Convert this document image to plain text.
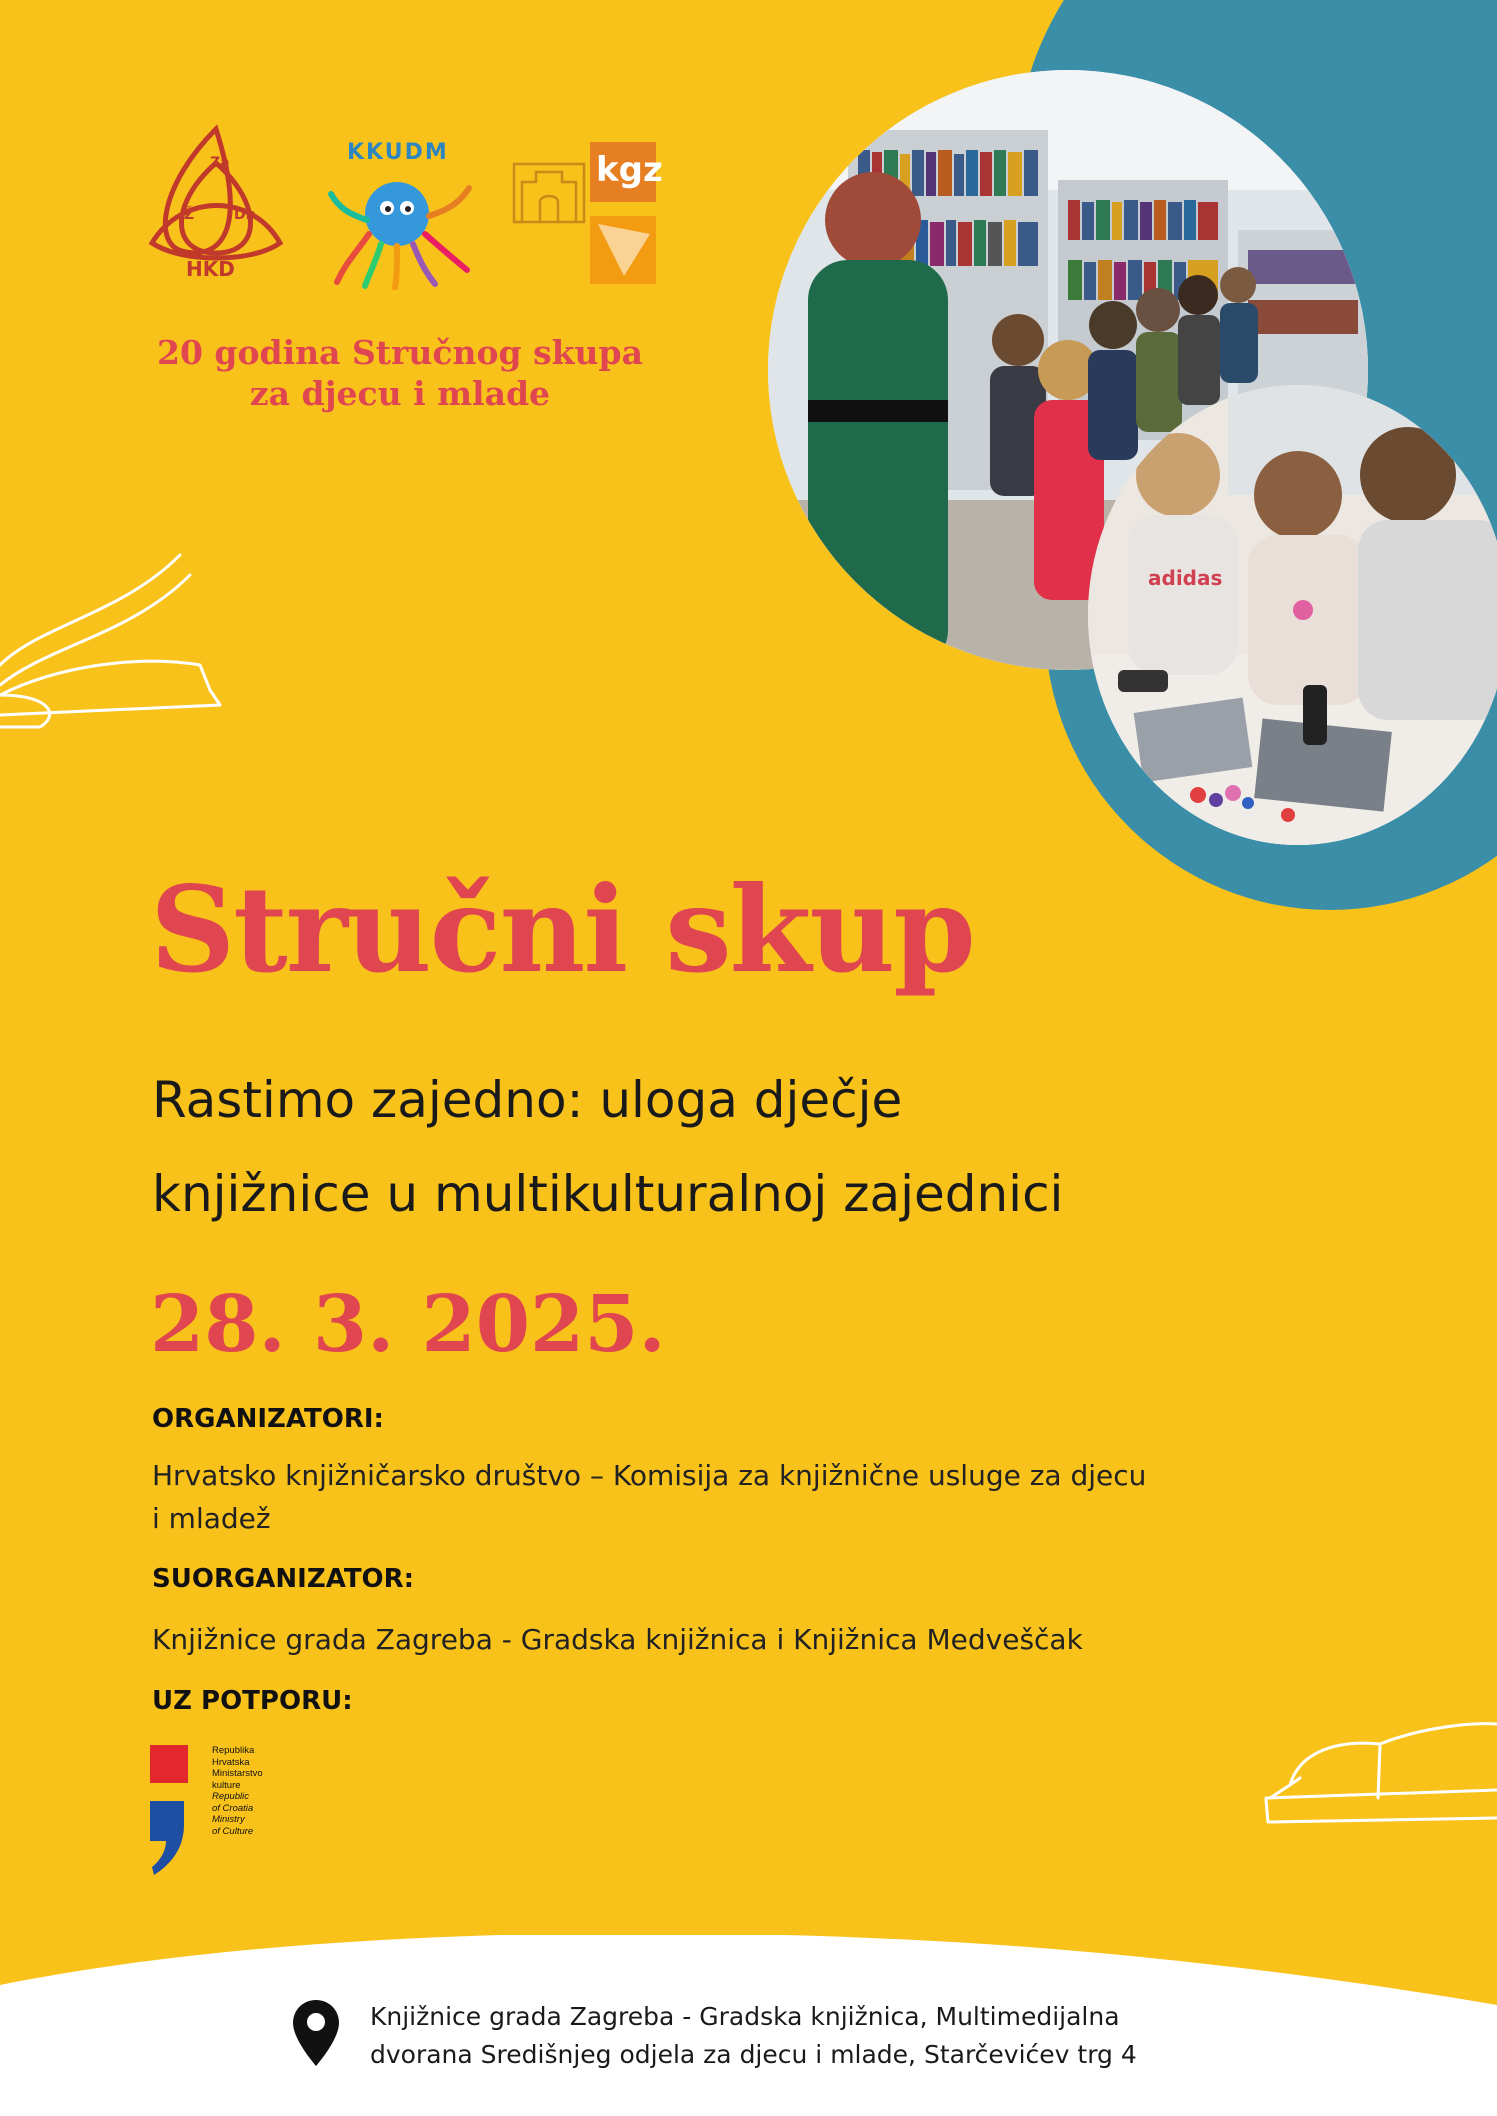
adidas
Za
Ž	Db
HKD
KKUDM	kgz
20 godina Stručnog skupa
za djecu i mlade
Stručni skup
Rastimo zajedno: uloga dječje
knjižnice u multikulturalnoj zajednici
28. 3. 2025.
ORGANIZATORI:
Hrvatsko knjižničarsko društvo – Komisija za knjižnične usluge za djecu
i mladež
SUORGANIZATOR:
Knjižnice grada Zagreba - Gradska knjižnica i Knjižnica Medveščak
UZ POTPORU:
Republika
Hrvatska
Ministarstvo
kulture
Republic
of Croatia
Ministry
of Culture
Knjižnice grada Zagreba - Gradska knjižnica, Multimedijalna
dvorana Središnjeg odjela za djecu i mlade, Starčevićev trg 4
